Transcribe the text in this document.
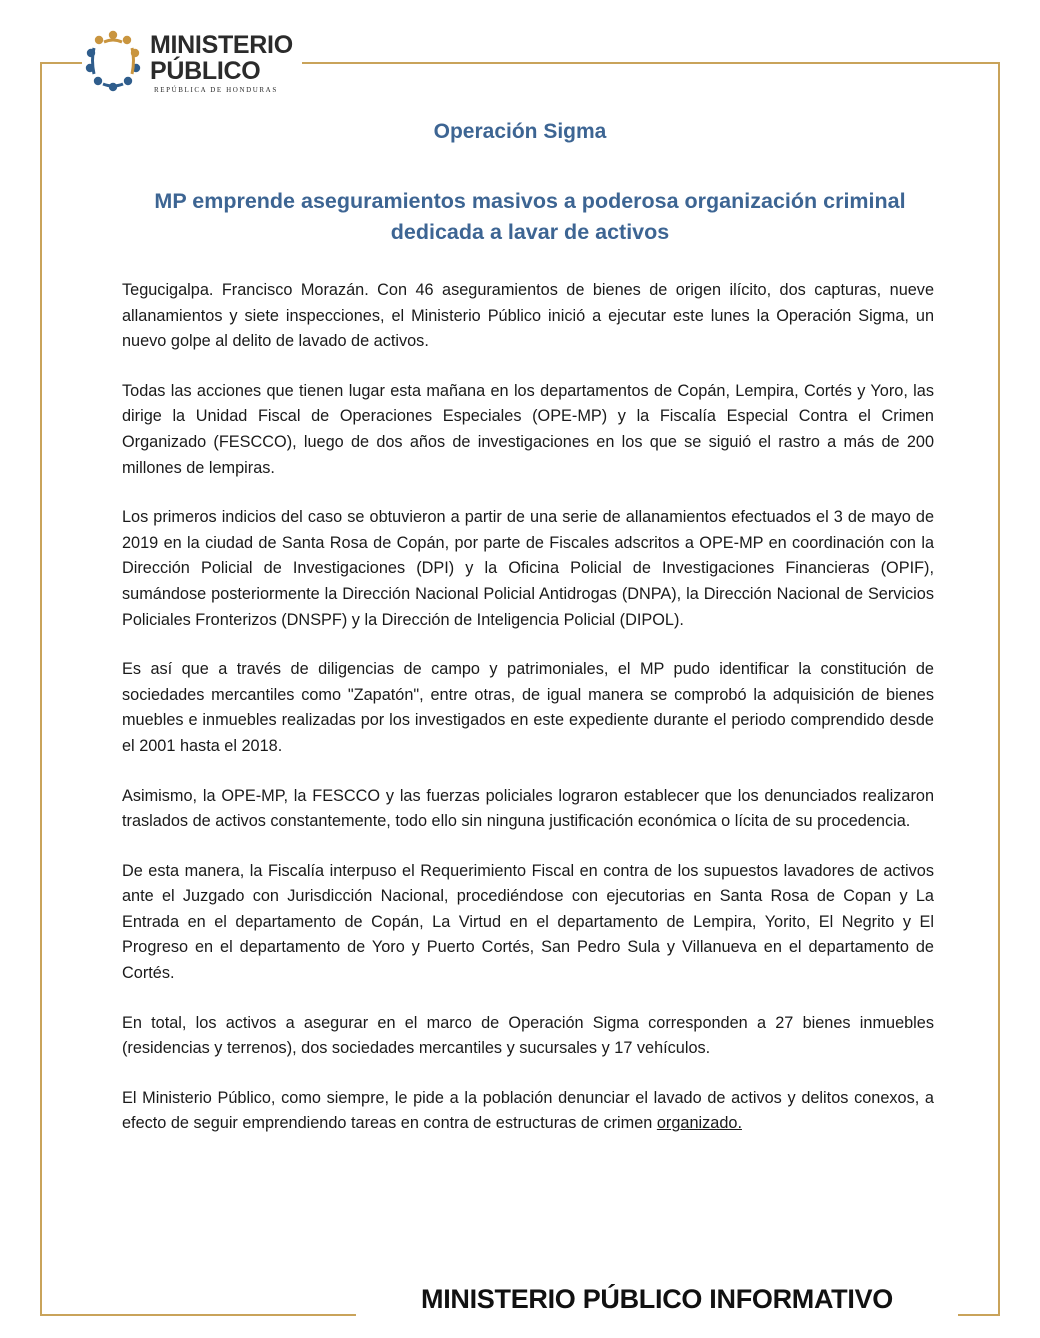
MINISTERIO
PÚBLICO
REPÚBLICA DE HONDURAS
Operación Sigma
MP emprende aseguramientos masivos a poderosa organización criminal dedicada a lavar de activos

Tegucigalpa. Francisco Morazán. Con 46 aseguramientos de bienes de origen ilícito, dos capturas, nueve allanamientos y siete inspecciones, el Ministerio Público inició a ejecutar este lunes la Operación Sigma, un nuevo golpe al delito de lavado de activos.

Todas las acciones que tienen lugar esta mañana en los departamentos de Copán, Lempira, Cortés y Yoro, las dirige la Unidad Fiscal de Operaciones Especiales (OPE-MP) y la Fiscalía Especial Contra el Crimen Organizado (FESCCO), luego de dos años de investigaciones en los que se siguió el rastro a más de 200 millones de lempiras.

Los primeros indicios del caso se obtuvieron a partir de una serie de allanamientos efectuados el 3 de mayo de 2019 en la ciudad de Santa Rosa de Copán, por parte de Fiscales adscritos a OPE-MP en coordinación con la Dirección Policial de Investigaciones (DPI) y la Oficina Policial de Investigaciones Financieras (OPIF), sumándose posteriormente la Dirección Nacional Policial Antidrogas (DNPA), la Dirección Nacional de Servicios Policiales Fronterizos (DNSPF) y la Dirección de Inteligencia Policial (DIPOL).

Es así que a través de diligencias de campo y patrimoniales, el MP pudo identificar la constitución de sociedades mercantiles como "Zapatón", entre otras, de igual manera se comprobó la adquisición de bienes muebles e inmuebles realizadas por los investigados en este expediente durante el periodo comprendido desde el 2001 hasta el 2018.

Asimismo, la OPE-MP, la FESCCO y las fuerzas policiales lograron establecer que los denunciados realizaron traslados de activos constantemente, todo ello sin ninguna justificación económica o lícita de su procedencia.

De esta manera, la Fiscalía interpuso el Requerimiento Fiscal en contra de los supuestos lavadores de activos ante el Juzgado con Jurisdicción Nacional, procediéndose con ejecutorias en Santa Rosa de Copan y La Entrada en el departamento de Copán, La Virtud en el departamento de Lempira, Yorito, El Negrito y El Progreso en el departamento de Yoro y Puerto Cortés, San Pedro Sula y Villanueva en el departamento de Cortés.

En total, los activos a asegurar en el marco de Operación Sigma corresponden a 27 bienes inmuebles (residencias y terrenos), dos sociedades mercantiles y sucursales y 17 vehículos.

El Ministerio Público, como siempre, le pide a la población denunciar el lavado de activos y delitos conexos, a efecto de seguir emprendiendo tareas en contra de estructuras de crimen organizado.

MINISTERIO PÚBLICO INFORMATIVO
